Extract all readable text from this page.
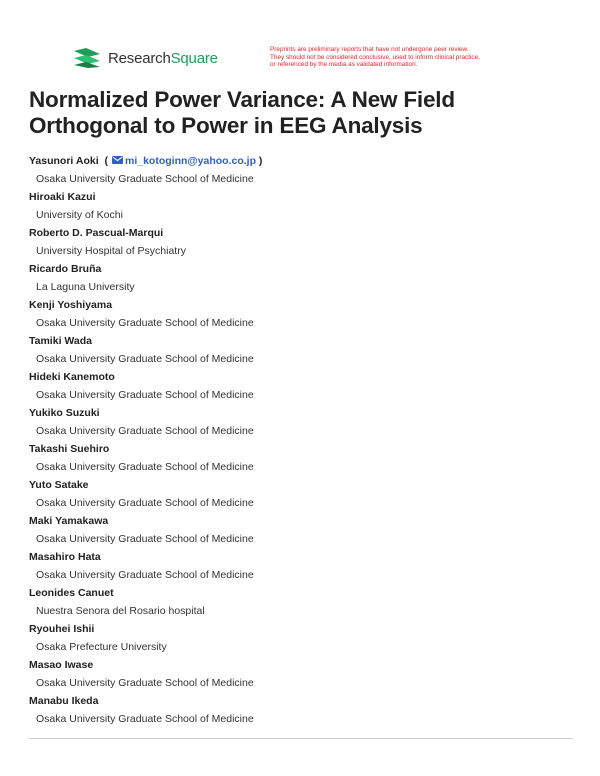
ResearchSquare	Preprints are preliminary reports that have not undergone peer review.
They should not be considered conclusive, used to inform clinical practice,
or referenced by the media as validated information.
Normalized Power Variance: A New Field
Orthogonal to Power in EEG Analysis
Yasunori Aoki  ( mi_kotoginn@yahoo.co.jp )
Osaka University Graduate School of Medicine
Hiroaki Kazui
University of Kochi
Roberto D. Pascual-Marqui
University Hospital of Psychiatry
Ricardo Bruña
La Laguna University
Kenji Yoshiyama
Osaka University Graduate School of Medicine
Tamiki Wada
Osaka University Graduate School of Medicine
Hideki Kanemoto
Osaka University Graduate School of Medicine
Yukiko Suzuki
Osaka University Graduate School of Medicine
Takashi Suehiro
Osaka University Graduate School of Medicine
Yuto Satake
Osaka University Graduate School of Medicine
Maki Yamakawa
Osaka University Graduate School of Medicine
Masahiro Hata
Osaka University Graduate School of Medicine
Leonides Canuet
Nuestra Senora del Rosario hospital
Ryouhei Ishii
Osaka Prefecture University
Masao Iwase
Osaka University Graduate School of Medicine
Manabu Ikeda
Osaka University Graduate School of Medicine
